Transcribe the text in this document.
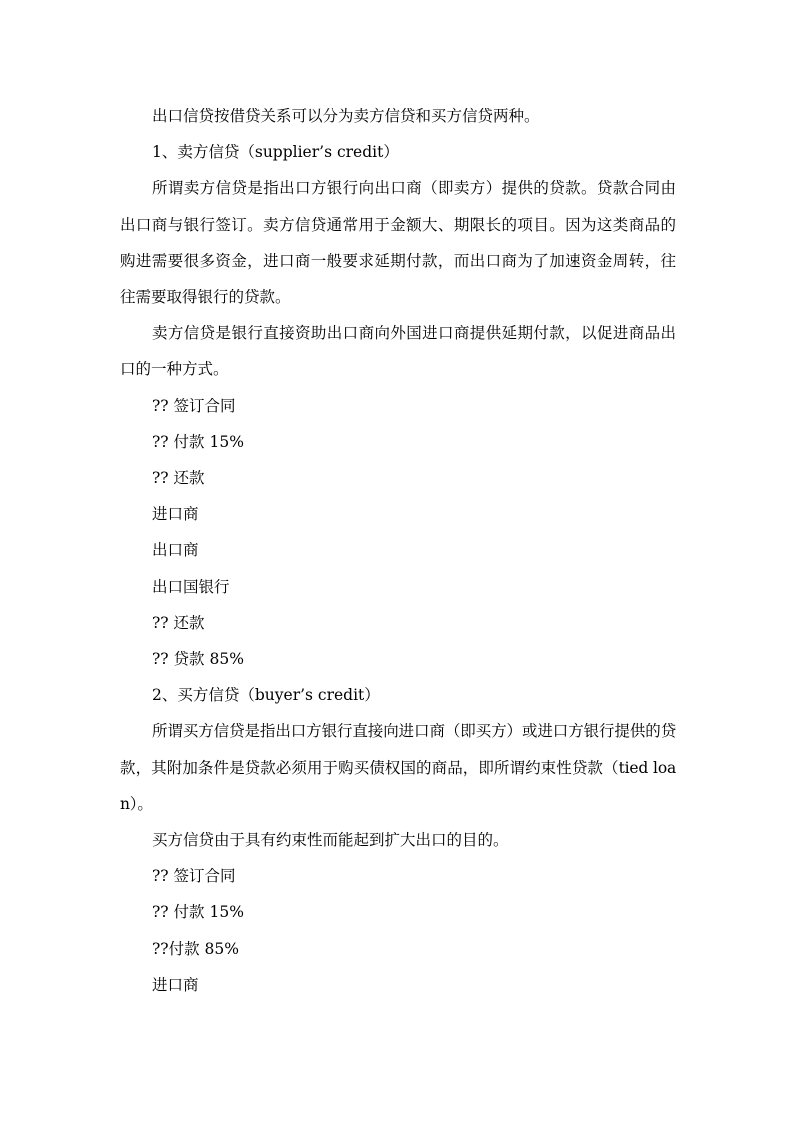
出口信贷按借贷关系可以分为卖方信贷和买方信贷两种。

1、卖方信贷（supplier’s credit）

所谓卖方信贷是指出口方银行向出口商（即卖方）提供的贷款。贷款合同由出口商与银行签订。卖方信贷通常用于金额大、期限长的项目。因为这类商品的购进需要很多资金，进口商一般要求延期付款，而出口商为了加速资金周转，往往需要取得银行的贷款。

卖方信贷是银行直接资助出口商向外国进口商提供延期付款，以促进商品出口的一种方式。

?? 签订合同

?? 付款 15%

?? 还款

进口商

出口商

出口国银行

?? 还款

?? 贷款 85%

2、买方信贷（buyer’s credit）

所谓买方信贷是指出口方银行直接向进口商（即买方）或进口方银行提供的贷款，其附加条件是贷款必须用于购买债权国的商品，即所谓约束性贷款（tied loan）。

买方信贷由于具有约束性而能起到扩大出口的目的。

?? 签订合同

?? 付款 15%

??付款 85%

进口商
